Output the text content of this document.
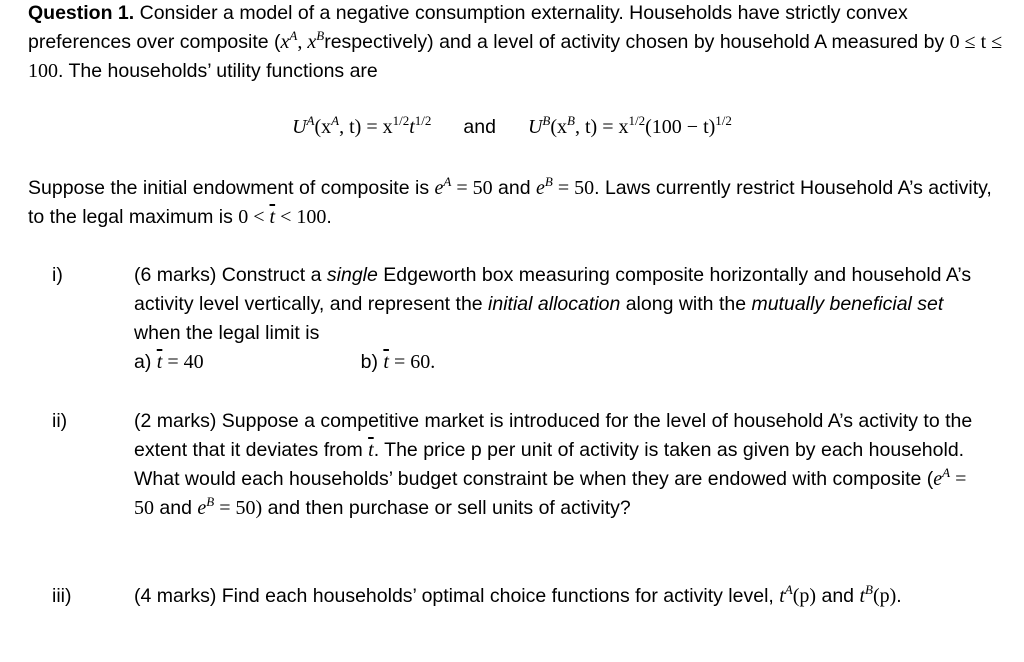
Question 1. Consider a model of a negative consumption externality. Households have strictly convex preferences over composite ($x^A$, $x^Brespectively$) and a level of activity chosen by household A measured by 0 ≤ t ≤ 100. The households’ utility functions are
$U^A(x^A$, $t) = x^{1/2}t^{1/2}$ and $U^B(x^B$, $t) = x^{1/2}(100 - t)^{1/2}$
Suppose the initial endowment of composite is $e^A = 50$ and $e^B = 50$. Laws currently restrict Household A’s activity, to the legal maximum is $0 < \overline{t} < 100$.
i)	(6 marks) Construct a single Edgeworth box measuring composite horizontally and household A’s activity level vertically, and represent the initial allocation along with the mutually beneficial set when the legal limit is
a) $\overline{t} = 40$	b) $\overline{t} = 60$.
ii)	(2 marks) Suppose a competitive market is introduced for the level of household A’s activity to the extent that it deviates from $\overline{t}$. The price p per unit of activity is taken as given by each household. What would each households’ budget constraint be when they are endowed with composite ($e^A = 50$ and $e^B = 50$) and then purchase or sell units of activity?
iii)	(4 marks) Find each households’ optimal choice functions for activity level, $t^A(p)$ and $t^B(p)$.
